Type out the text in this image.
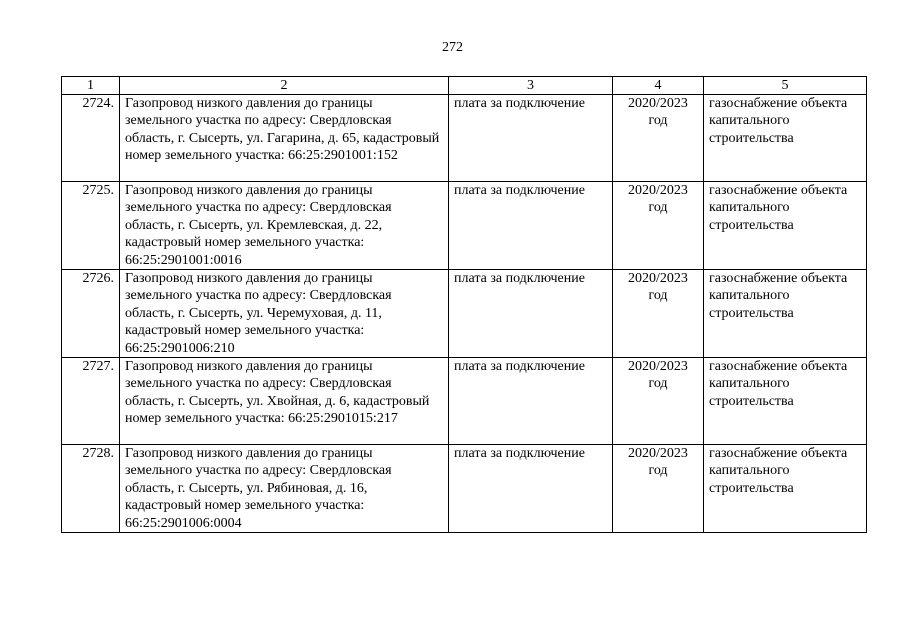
272
1	2	3	4	5
2724.	Газопровод низкого давления до границы земельного участка по адресу: Свердловская область, г. Сысерть, ул. Гагарина, д. 65, кадастровый номер земельного участка: 66:25:2901001:152	плата за подключение	2020/2023 год	газоснабжение объекта капитального строительства
2725.	Газопровод низкого давления до границы земельного участка по адресу: Свердловская область, г. Сысерть, ул. Кремлевская, д. 22, кадастровый номер земельного участка: 66:25:2901001:0016	плата за подключение	2020/2023 год	газоснабжение объекта капитального строительства
2726.	Газопровод низкого давления до границы земельного участка по адресу: Свердловская область, г. Сысерть, ул. Черемуховая, д. 11, кадастровый номер земельного участка: 66:25:2901006:210	плата за подключение	2020/2023 год	газоснабжение объекта капитального строительства
2727.	Газопровод низкого давления до границы земельного участка по адресу: Свердловская область, г. Сысерть, ул. Хвойная, д. 6, кадастровый номер земельного участка: 66:25:2901015:217	плата за подключение	2020/2023 год	газоснабжение объекта капитального строительства
2728.	Газопровод низкого давления до границы земельного участка по адресу: Свердловская область, г. Сысерть, ул. Рябиновая, д. 16, кадастровый номер земельного участка: 66:25:2901006:0004	плата за подключение	2020/2023 год	газоснабжение объекта капитального строительства
